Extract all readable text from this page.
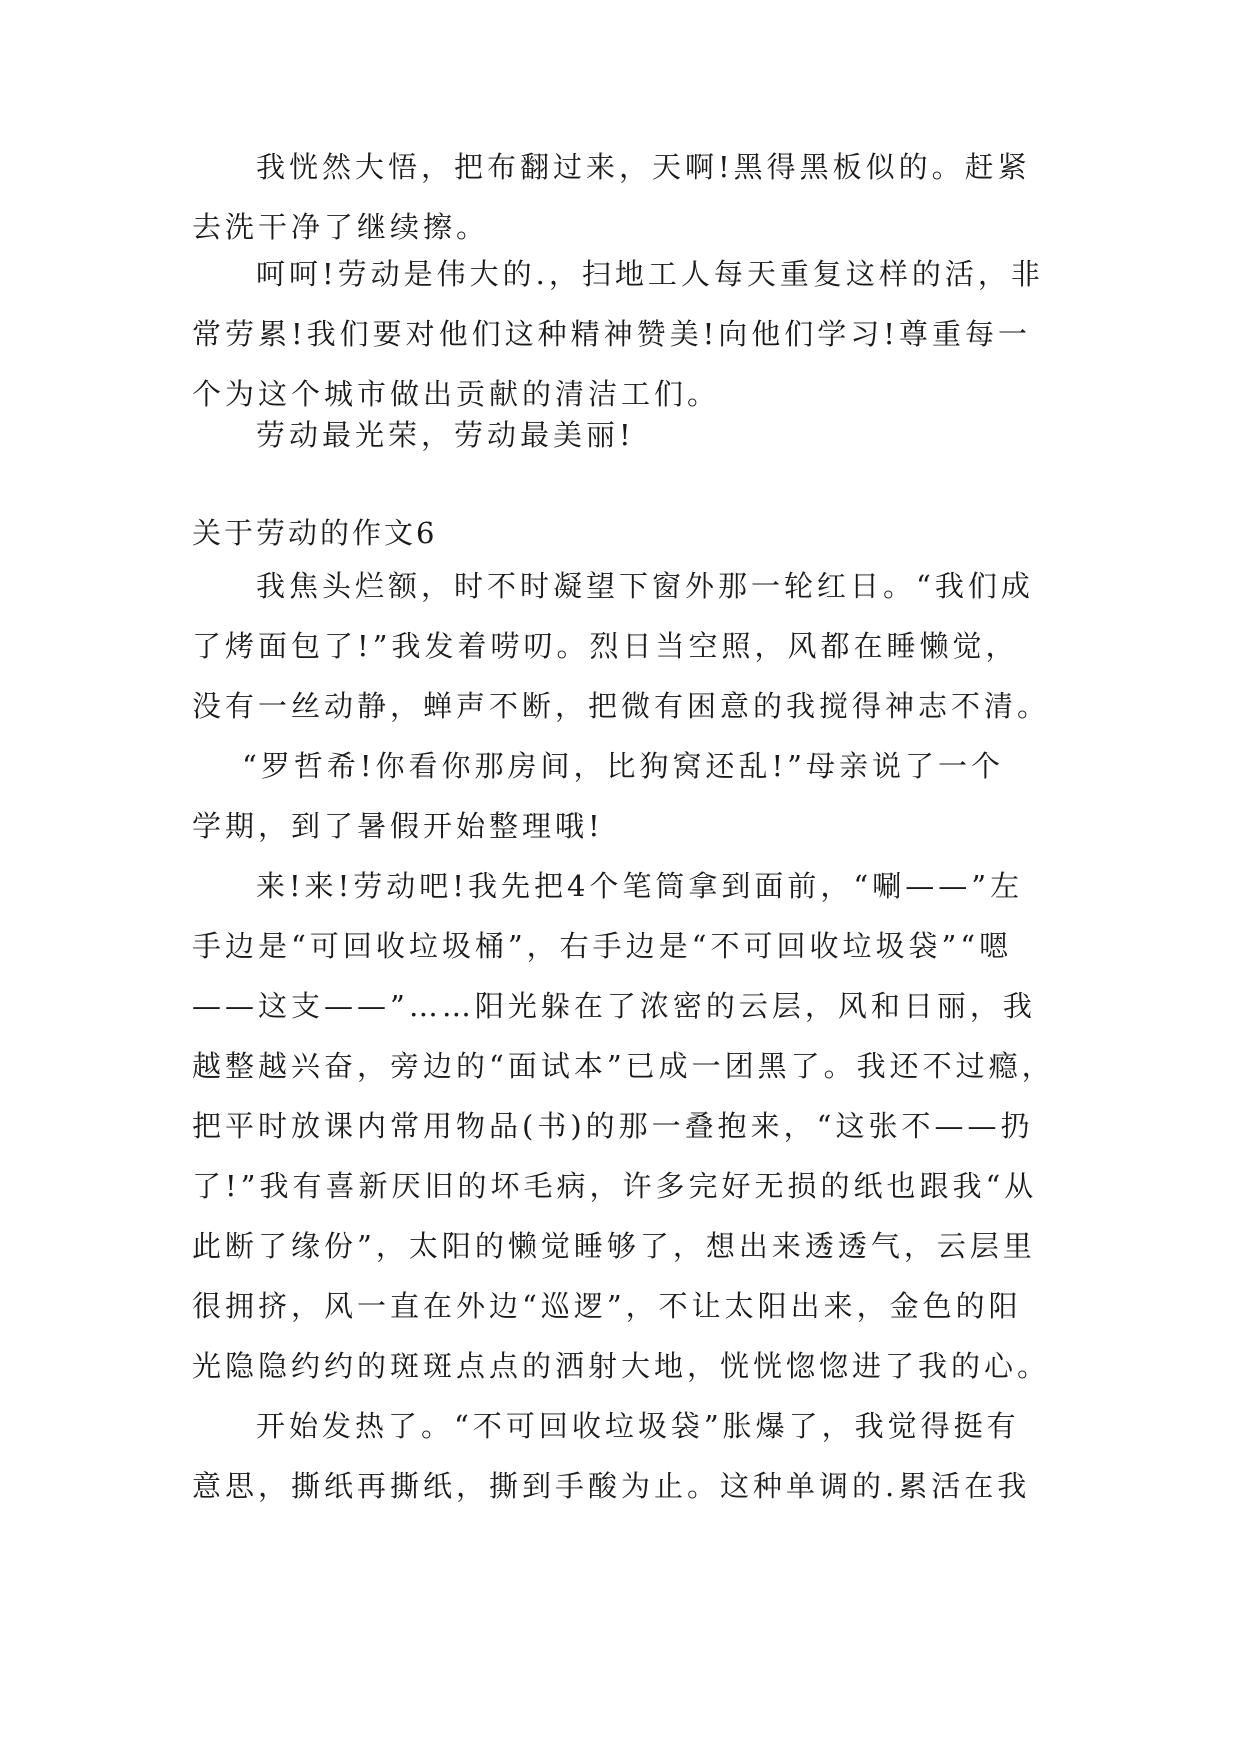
我恍然大悟，把布翻过来，天啊!黑得黑板似的。赶紧
去洗干净了继续擦。
呵呵!劳动是伟大的.，扫地工人每天重复这样的活，非
常劳累!我们要对他们这种精神赞美!向他们学习!尊重每一
个为这个城市做出贡献的清洁工们。
劳动最光荣，劳动最美丽!
关于劳动的作文6
我焦头烂额，时不时凝望下窗外那一轮红日。“我们成
了烤面包了!”我发着唠叨。烈日当空照，风都在睡懒觉，
没有一丝动静，蝉声不断，把微有困意的我搅得神志不清。
“罗哲希!你看你那房间，比狗窝还乱!”母亲说了一个
学期，到了暑假开始整理哦!
来!来!劳动吧!我先把4个笔筒拿到面前，“唰——”左
手边是“可回收垃圾桶”，右手边是“不可回收垃圾袋”“嗯
——这支——”……阳光躲在了浓密的云层，风和日丽，我
越整越兴奋，旁边的“面试本”已成一团黑了。我还不过瘾，
把平时放课内常用物品(书)的那一叠抱来，“这张不——扔
了!”我有喜新厌旧的坏毛病，许多完好无损的纸也跟我“从
此断了缘份”，太阳的懒觉睡够了，想出来透透气，云层里
很拥挤，风一直在外边“巡逻”，不让太阳出来，金色的阳
光隐隐约约的斑斑点点的洒射大地，恍恍惚惚进了我的心。
开始发热了。“不可回收垃圾袋”胀爆了，我觉得挺有
意思，撕纸再撕纸，撕到手酸为止。这种单调的.累活在我
